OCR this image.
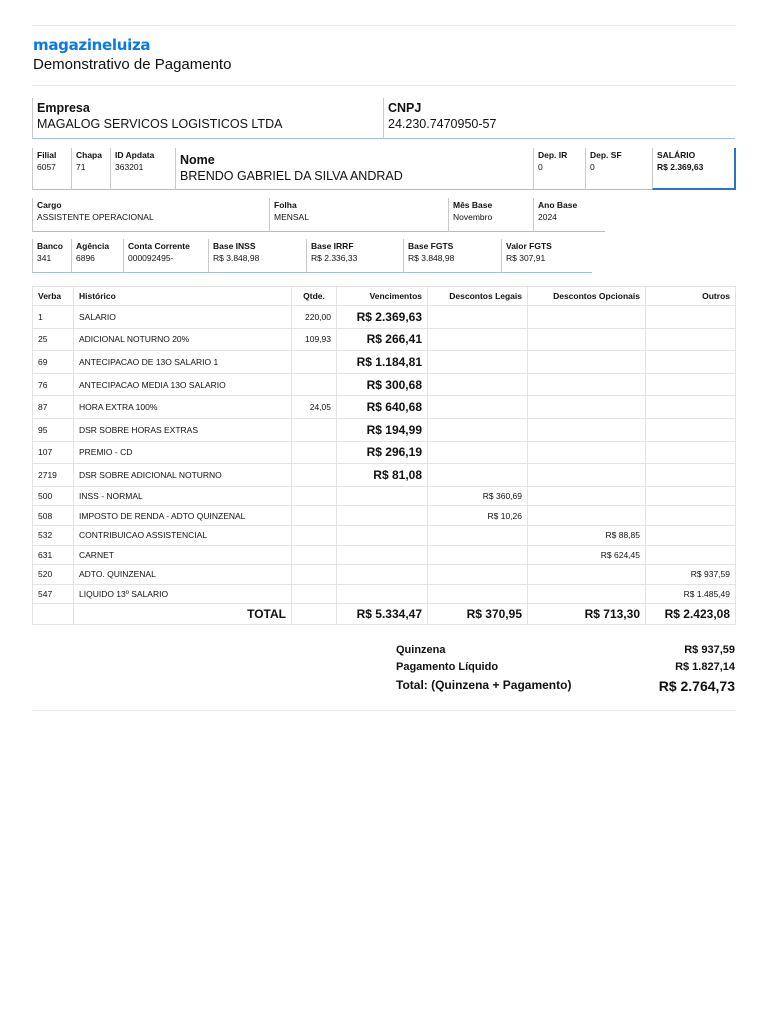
magazineluiza
Demonstrativo de Pagamento
Empresa
MAGALOG SERVICOS LOGISTICOS LTDA
CNPJ
24.230.7470950-57
Filial
6057
Chapa
71
ID Apdata
363201	Nome
BRENDO GABRIEL DA SILVA ANDRAD
Dep. IR
0
Dep. SF
0
SALÁRIO
R$ 2.369,63
Cargo
ASSISTENTE OPERACIONAL
Folha
MENSAL
Mês Base
Novembro
Ano Base
2024
Banco
341
Agência
6896
Conta Corrente
000092495-
Base INSS
R$ 3.848,98
Base IRRF
R$ 2.336,33
Base FGTS
R$ 3.848,98
Valor FGTS
R$ 307,91
Verba	Histórico	Qtde.	Vencimentos	Descontos Legais	Descontos Opcionais	Outros
1	SALARIO	220,00	R$ 2.369,63			
25	ADICIONAL NOTURNO 20%	109,93	R$ 266,41			
69	ANTECIPACAO DE 13O SALARIO 1		R$ 1.184,81			
76	ANTECIPACAO MEDIA 13O SALARIO		R$ 300,68			
87	HORA EXTRA 100%	24,05	R$ 640,68			
95	DSR SOBRE HORAS EXTRAS		R$ 194,99			
107	PREMIO - CD		R$ 296,19			
2719	DSR SOBRE ADICIONAL NOTURNO		R$ 81,08			
500	INSS - NORMAL			R$ 360,69		
508	IMPOSTO DE RENDA - ADTO QUINZENAL			R$ 10,26		
532	CONTRIBUICAO ASSISTENCIAL				R$ 88,85	
631	CARNET				R$ 624,45	
520	ADTO. QUINZENAL					R$ 937,59
547	LIQUIDO 13º SALARIO					R$ 1.485,49
	TOTAL		R$ 5.334,47	R$ 370,95	R$ 713,30	R$ 2.423,08
Quinzena	R$ 937,59
Pagamento Líquido	R$ 1.827,14
Total: (Quinzena + Pagamento)	R$ 2.764,73
